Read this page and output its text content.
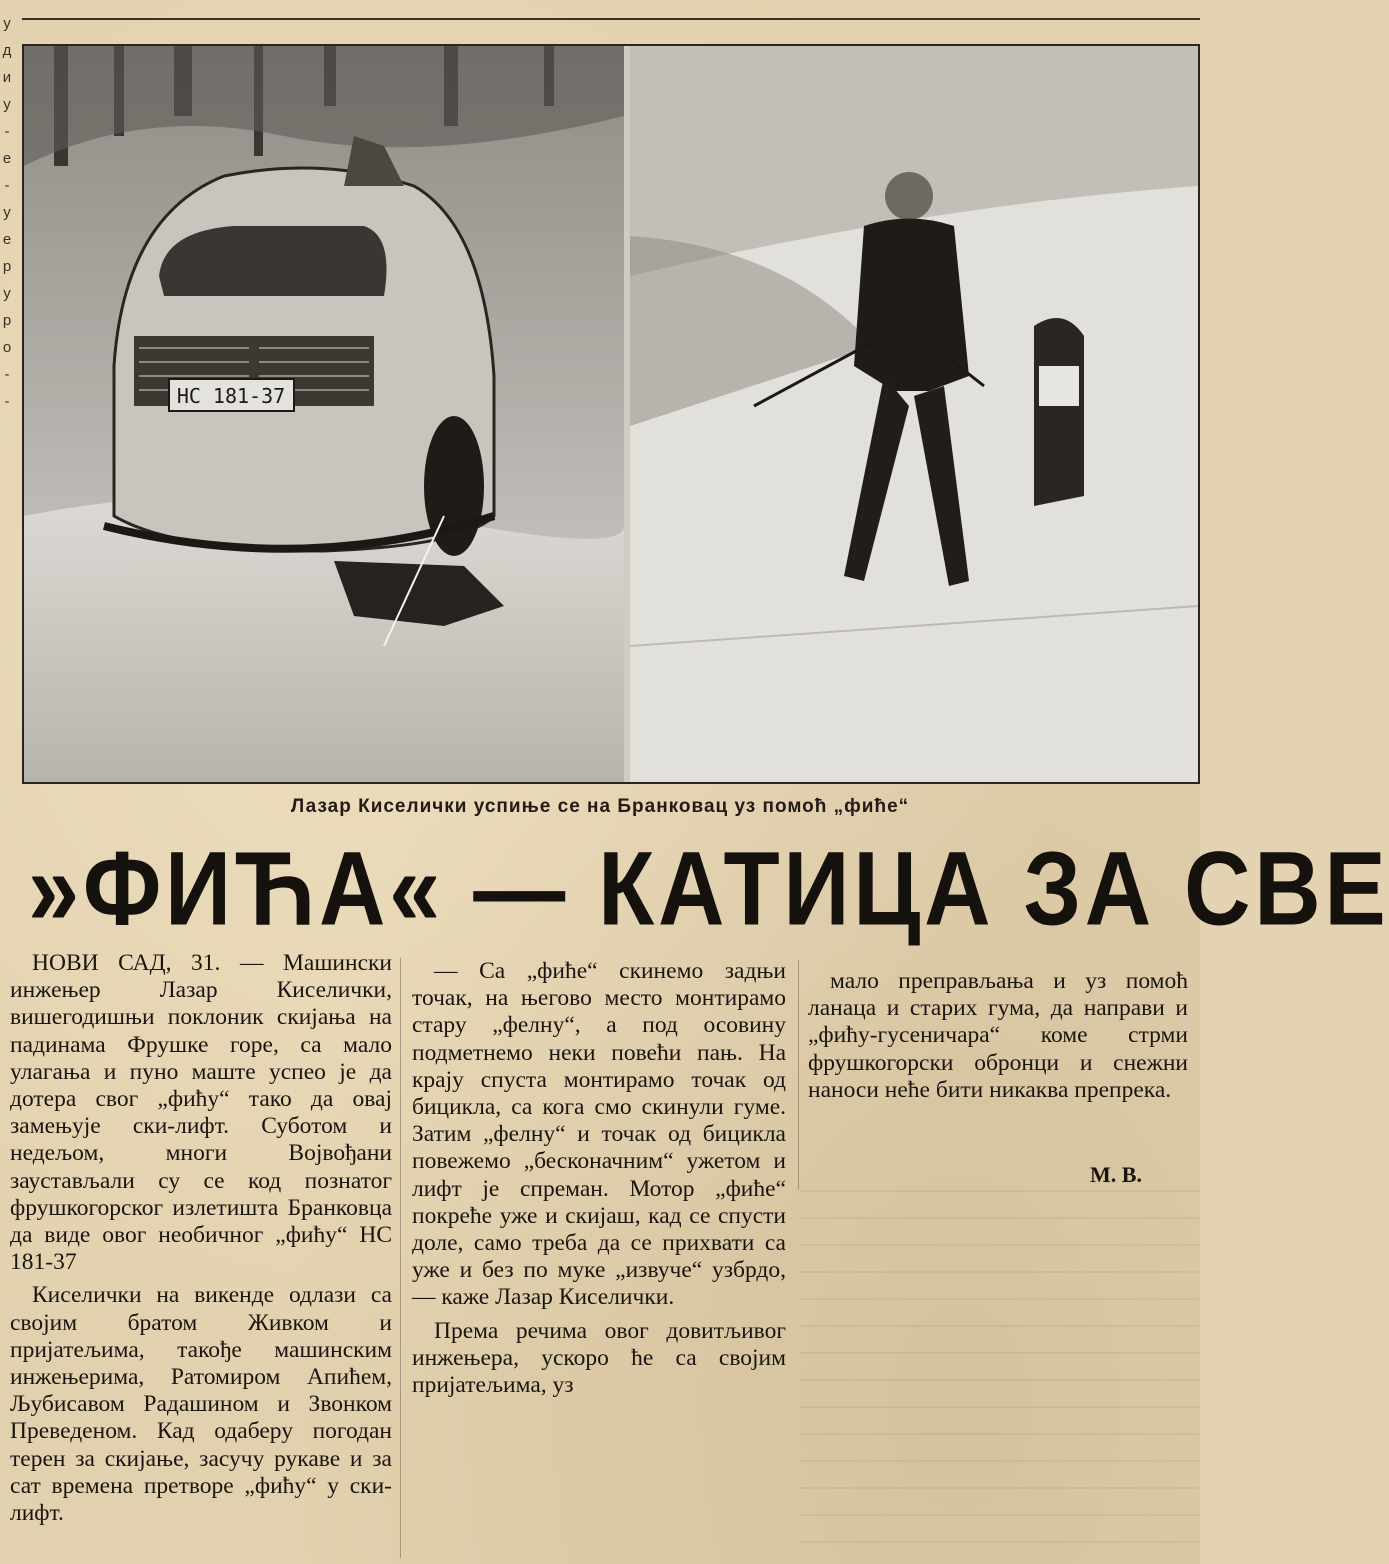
у
д
и
у
-
е
-
у
е
р
у
р
о
-
-	НС 181-37
Лазар Киселички успиње се на Бранковац уз помоћ „фиће“
»ФИЋА« — КАТИЦА ЗА СВЕ

НОВИ САД, 31. — Машински инжењер Лазар Киселички, вишегодишњи поклоник скијања на падинама Фрушке горе, са мало улагања и пуно маште успео је да дотера свог „фићу“ тако да овај замењује ски-лифт. Суботом и недељом, многи Војвођани заустављали су се код познатог фрушкогорског излетишта Бранковца да виде овог необичног „фићу“ НС 181-37

Киселички на викенде одлази са својим братом Живком и пријатељима, такође машинским инжењерима, Ратомиром Апићем, Љубисавом Радашином и Звонком Преведеном. Кад одаберу погодан терен за скијање, засучу рукаве и за сат времена претворе „фићу“ у ски-лифт.

— Са „фиће“ скинемо задњи точак, на његово место монтирамо стару „фелну“, а под осовину подметнемо неки повећи пањ. На крају спуста монтирамо точак од бицикла, са кога смо скинули гуме. Затим „фелну“ и точак од бицикла повежемо „бесконачним“ ужетом и лифт је спреман. Мотор „фиће“ покреће уже и скијаш, кад се спусти доле, само треба да се прихвати са уже и без по муке „извуче“ узбрдо, — каже Лазар Киселички.

Према речима овог довитљивог инжењера, ускоро ће са својим пријатељима, уз

мало преправљања и уз помоћ ланаца и старих гума, да направи и „фићу-гусеничара“ коме стрми фрушкогорски обронци и снежни наноси неће бити никаква препрека.

М. В.
